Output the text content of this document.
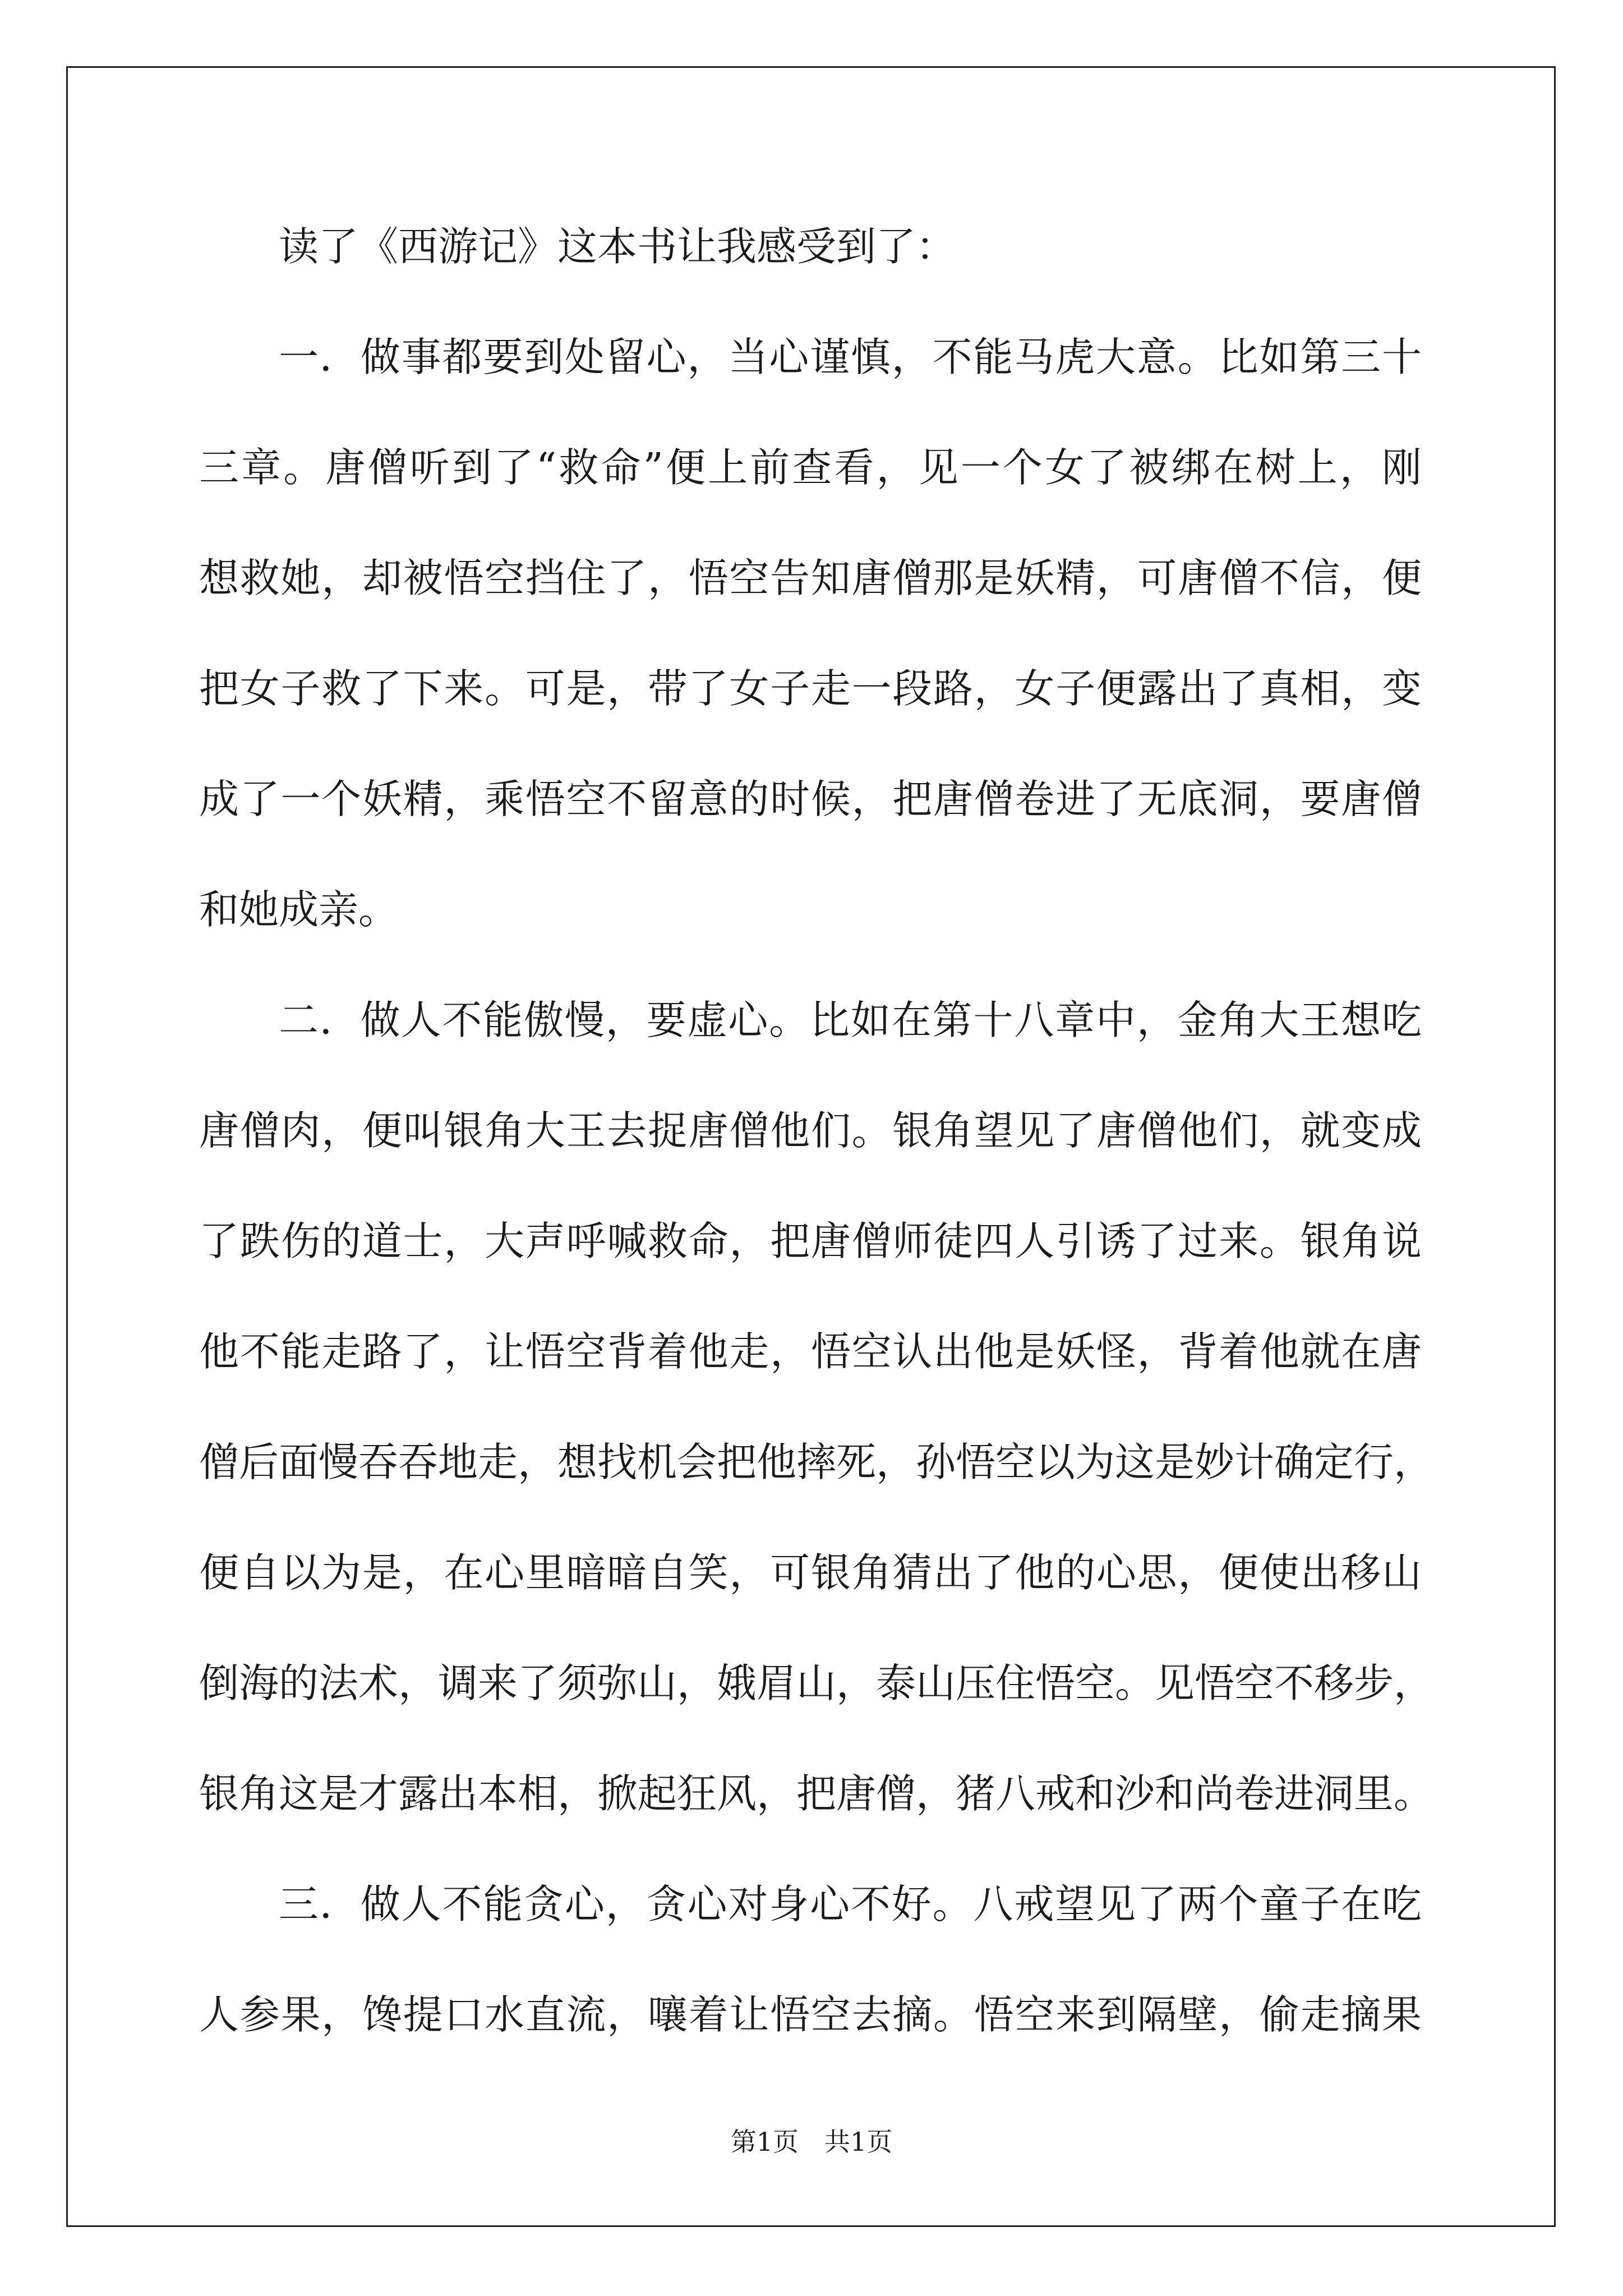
读了《西游记》这本书让我感受到了：
一．做事都要到处留心，当心谨慎，不能马虎大意。比如第三十
三章。唐僧听到了“救命”便上前查看，见一个女了被绑在树上，刚
想救她，却被悟空挡住了，悟空告知唐僧那是妖精，可唐僧不信，便
把女子救了下来。可是，带了女子走一段路，女子便露出了真相，变
成了一个妖精，乘悟空不留意的时候，把唐僧卷进了无底洞，要唐僧
和她成亲。
二．做人不能傲慢，要虚心。比如在第十八章中，金角大王想吃
唐僧肉，便叫银角大王去捉唐僧他们。银角望见了唐僧他们，就变成
了跌伤的道士，大声呼喊救命，把唐僧师徒四人引诱了过来。银角说
他不能走路了，让悟空背着他走，悟空认出他是妖怪，背着他就在唐
僧后面慢吞吞地走，想找机会把他摔死，孙悟空以为这是妙计确定行，
便自以为是，在心里暗暗自笑，可银角猜出了他的心思，便使出移山
倒海的法术，调来了须弥山，娥眉山，泰山压住悟空。见悟空不移步，
银角这是才露出本相，掀起狂风，把唐僧，猪八戒和沙和尚卷进洞里。
三．做人不能贪心，贪心对身心不好。八戒望见了两个童子在吃
人参果，馋提口水直流，嚷着让悟空去摘。悟空来到隔壁，偷走摘果
第1页　共1页
